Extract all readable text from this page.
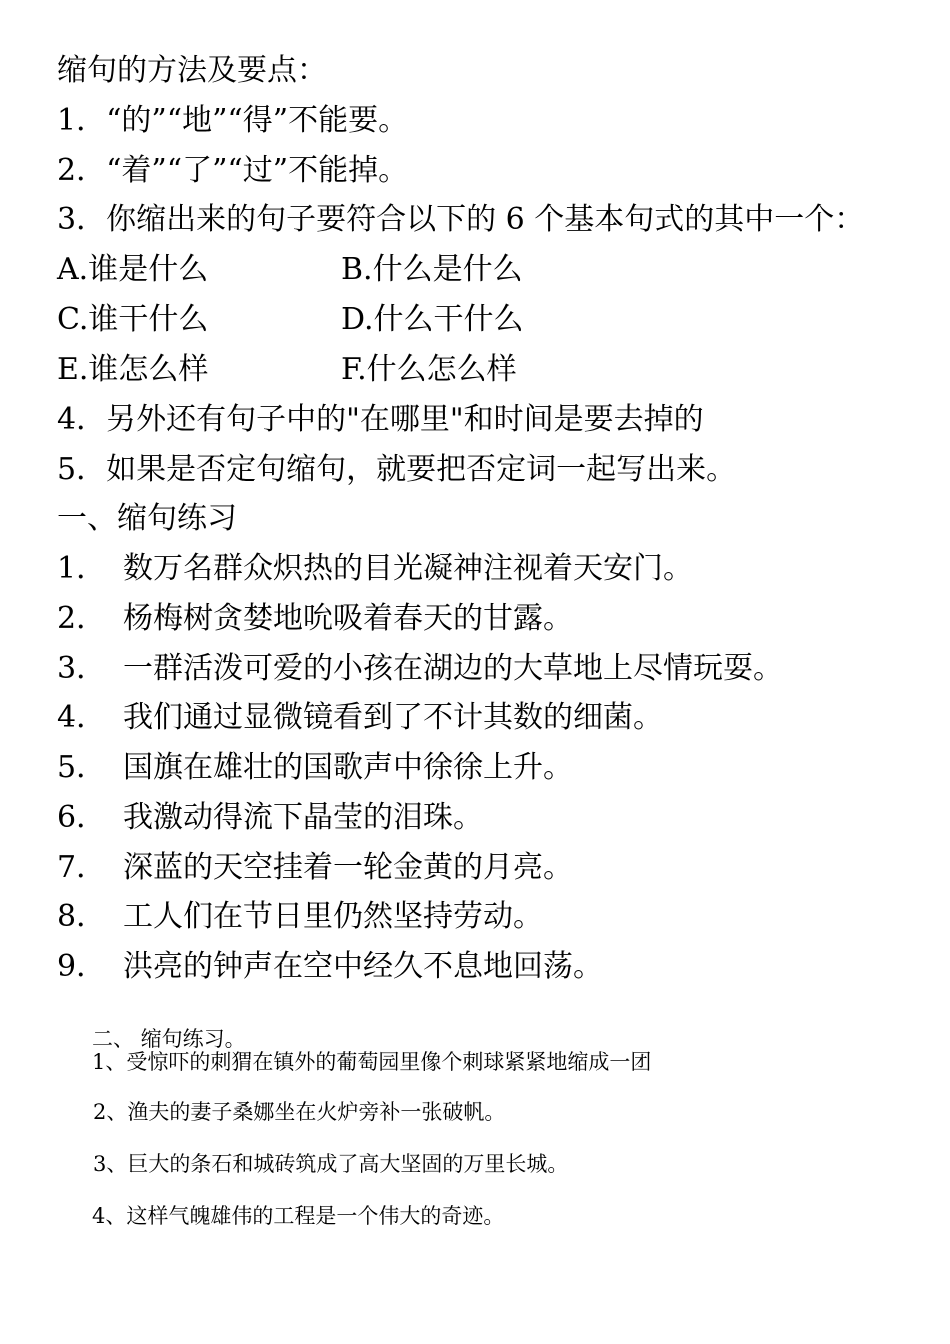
缩句的方法及要点：
1．“的”“地”“得”不能要。
2．“着”“了”“过”不能掉。
3．你缩出来的句子要符合以下的 6 个基本句式的其中一个：
A.谁是什么	B.什么是什么
C.谁干什么	D.什么干什么
E.谁怎么样	F.什么怎么样
4．另外还有句子中的"在哪里"和时间是要去掉的
5．如果是否定句缩句，就要把否定词一起写出来。
一、缩句练习
1． 数万名群众炽热的目光凝神注视着天安门。
2． 杨梅树贪婪地吮吸着春天的甘露。
3． 一群活泼可爱的小孩在湖边的大草地上尽情玩耍。
4． 我们通过显微镜看到了不计其数的细菌。
5． 国旗在雄壮的国歌声中徐徐上升。
6． 我激动得流下晶莹的泪珠。
7． 深蓝的天空挂着一轮金黄的月亮。
8． 工人们在节日里仍然坚持劳动。
9． 洪亮的钟声在空中经久不息地回荡。
二、 缩句练习。
1、受惊吓的刺猬在镇外的葡萄园里像个刺球紧紧地缩成一团
2、渔夫的妻子桑娜坐在火炉旁补一张破帆。
3、巨大的条石和城砖筑成了高大坚固的万里长城。
4、这样气魄雄伟的工程是一个伟大的奇迹。
